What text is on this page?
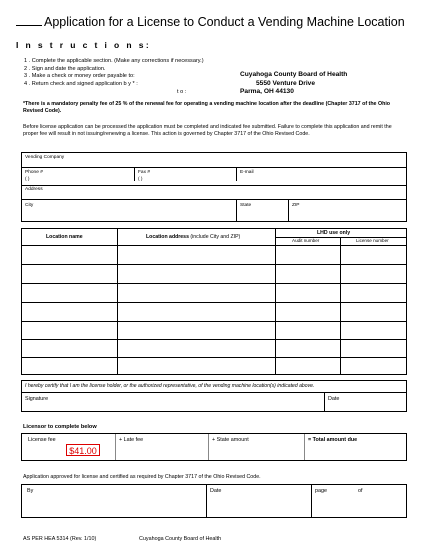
Application for a License to Conduct a Vending Machine Location
I n s t r u c t i o n s:
1 . Complete the applicable section. (Make any corrections if necessary.)
2 . Sign and date the application.
3 . Make a check or money order payable to:
4 . Return check and signed application b y * :
t o :
Cuyahoga County Board of Health
5550 Venture Drive
Parma, OH 44130
*There is a mandatory penalty fee of 25 % of the renewal fee for operating a vending machine location after the deadline (Chapter 3717 of the Ohio Revised Code).
Before license application can be processed the application must be completed and indicated fee submitted. Failure to complete this application and remit the proper fee will result in not issuing/renewing a license. This action is governed by Chapter 3717 of the Ohio Revised Code.
Vending Company
Phone #
( )
Fax #
( )
E-mail
Address
City	State	ZIP
Location name	Location address (include City and ZIP)
LHD use only
Audit number	License number
I hereby certify that I am the license holder, or the authorized representative, of the vending machine location(s) indicated above.
Signature	Date
Licensor to complete below
License fee	+ Late fee	+ State amount	= Total amount due
$41.00
Application approved for license and certified as required by Chapter 3717 of the Ohio Revised Code.
By	Date	page	of
AS PER HEA 5314 (Rev. 1/10)	Cuyahoga County Board of Health
